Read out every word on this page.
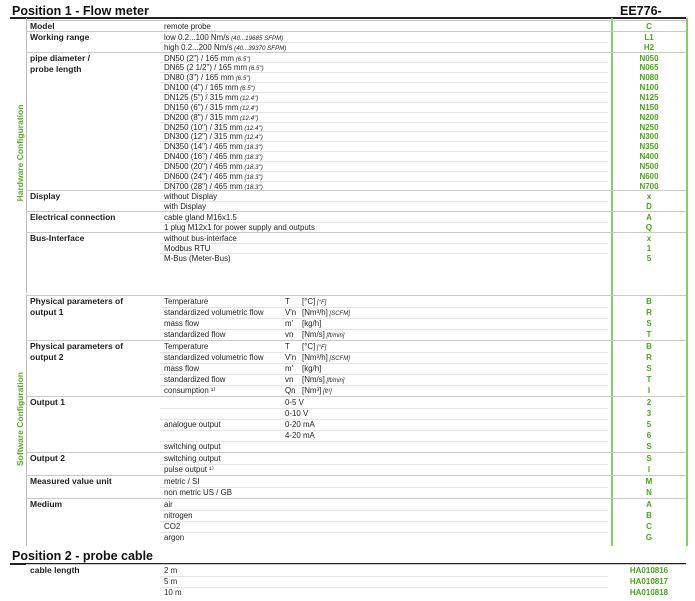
Position 1 - Flow meter	EE776-
Hardware Configuration
Software Configuration
Model	remote probe	C
Working range	low 0.2...100 Nm/s (40...19685 SFPM)	L1
high 0.2...200 Nm/s (40...39370 SFPM)	H2
pipe diameter /
probe length
DN50 (2") / 165 mm (6.5")	N050
DN65 (2 1/2") / 165 mm (6.5")	N065
DN80 (3") / 165 mm (6.5")	N080
DN100 (4") / 165 mm (6.5")	N100
DN125 (5") / 315 mm (12.4")	N125
DN150 (6") / 315 mm (12.4")	N150
DN200 (8") / 315 mm (12.4")	N200
DN250 (10") / 315 mm (12.4")	N250
DN300 (12") / 315 mm (12.4")	N300
DN350 (14") / 465 mm (18.3")	N350
DN400 (16") / 465 mm (18.3")	N400
DN500 (20") / 465 mm (18.3")	N500
DN600 (24") / 465 mm (18.3")	N600
DN700 (28") / 465 mm (18.3")	N700
Display	without Display	x
with Display	D
Electrical connection	cable gland M16x1.5	A
1 plug M12x1 for power supply and outputs	Q
Bus-Interface	without bus-interface	x
Modbus RTU	1
M-Bus (Meter-Bus)	5
Physical parameters of
output 1
Temperature	T [°C] [°F]	B
standardized volumetric flow	V'n [Nm³/h] [SCFM]	R
mass flow	m' [kg/h]	S
standardized flow	vn [Nm/s] [ft/min]	T
Physical parameters of
output 2
Temperature	T [°C] [°F]	B
standardized volumetric flow	V'n [Nm³/h] [SCFM]	R
mass flow	m' [kg/h]	S
standardized flow	vn [Nm/s] [ft/min]	T
consumption ¹⁾	Qn [Nm³] [ft³]	I
Output 1	0-5 V	2
0-10 V	3
analogue output	0-20 mA	5
4-20 mA	6
switching output	S
Output 2	switching output	S
pulse output ¹⁾	I
Measured value unit	metric / SI	M
non metric US / GB	N
Medium	air	A
nitrogen	B
CO2	C
argon	G
Position 2 - probe cable
cable length	2 m	HA010816
5 m	HA010817
10 m	HA010818
